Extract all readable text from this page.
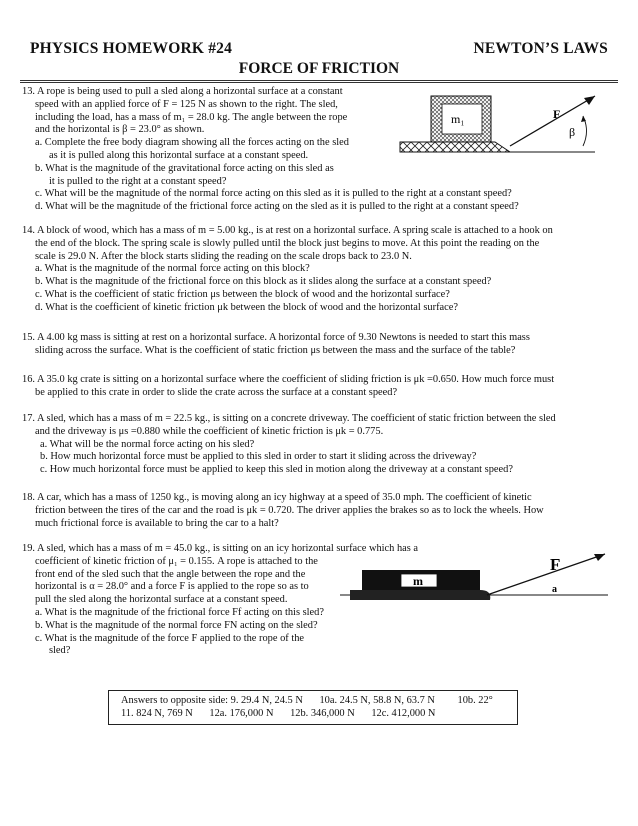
PHYSICS HOMEWORK #24	NEWTON’S LAWS
FORCE OF FRICTION
13. A rope is being used to pull a sled along a horizontal surface at a constant
speed with an applied force of F = 125 N as shown to the right. The sled,
including the load, has a mass of m₁ = 28.0 kg. The angle between the rope
and the horizontal is β = 23.0° as shown.
a. Complete the free body diagram showing all the forces acting on the sled
as it is pulled along this horizontal surface at a constant speed.
b. What is the magnitude of the gravitational force acting on this sled as
it is pulled to the right at a constant speed?
c. What will be the magnitude of the normal force acting on this sled as it is pulled to the right at a constant speed?
d. What will be the magnitude of the frictional force acting on the sled as it is pulled to the right at a constant speed?
m₁	F
β
14. A block of wood, which has a mass of m = 5.00 kg., is at rest on a horizontal surface. A spring scale is attached to a hook on
the end of the block. The spring scale is slowly pulled until the block just begins to move. At this point the reading on the
scale is 29.0 N. After the block starts sliding the reading on the scale drops back to 23.0 N.
a. What is the magnitude of the normal force acting on this block?
b. What is the magnitude of the frictional force on this block as it slides along the surface at a constant speed?
c. What is the coefficient of static friction μs between the block of wood and the horizontal surface?
d. What is the coefficient of kinetic friction μk between the block of wood and the horizontal surface?
15. A 4.00 kg mass is sitting at rest on a horizontal surface. A horizontal force of 9.30 Newtons is needed to start this mass
sliding across the surface. What is the coefficient of static friction μs between the mass and the surface of the table?
16. A 35.0 kg crate is sitting on a horizontal surface where the coefficient of sliding friction is μk =0.650. How much force must
be applied to this crate in order to slide the crate across the surface at a constant speed?
17. A sled, which has a mass of m = 22.5 kg., is sitting on a concrete driveway. The coefficient of static friction between the sled
and the driveway is μs =0.880 while the coefficient of kinetic friction is μk = 0.775.
a. What will be the normal force acting on his sled?
b. How much horizontal force must be applied to this sled in order to start it sliding across the driveway?
c. How much horizontal force must be applied to keep this sled in motion along the driveway at a constant speed?
18. A car, which has a mass of 1250 kg., is moving along an icy highway at a speed of 35.0 mph. The coefficient of kinetic
friction between the tires of the car and the road is μk = 0.720. The driver applies the brakes so as to lock the wheels. How
much frictional force is available to bring the car to a halt?
19. A sled, which has a mass of m = 45.0 kg., is sitting on an icy horizontal surface which has a
coefficient of kinetic friction of μ₁ = 0.155. A rope is attached to the
front end of the sled such that the angle between the rope and the
horizontal is α = 28.0° and a force F is applied to the rope so as to
pull the sled along the horizontal surface at a constant speed.
a. What is the magnitude of the frictional force Ff acting on this sled?
b. What is the magnitude of the normal force FN acting on the sled?
c. What is the magnitude of the force F applied to the rope of the
sled?
m
F
a
Answers to opposite side: 9. 29.4 N, 24.5 N 10a. 24.5 N, 58.8 N, 63.7 N 10b. 22°
11. 824 N, 769 N 12a. 176,000 N 12b. 346,000 N 12c. 412,000 N
